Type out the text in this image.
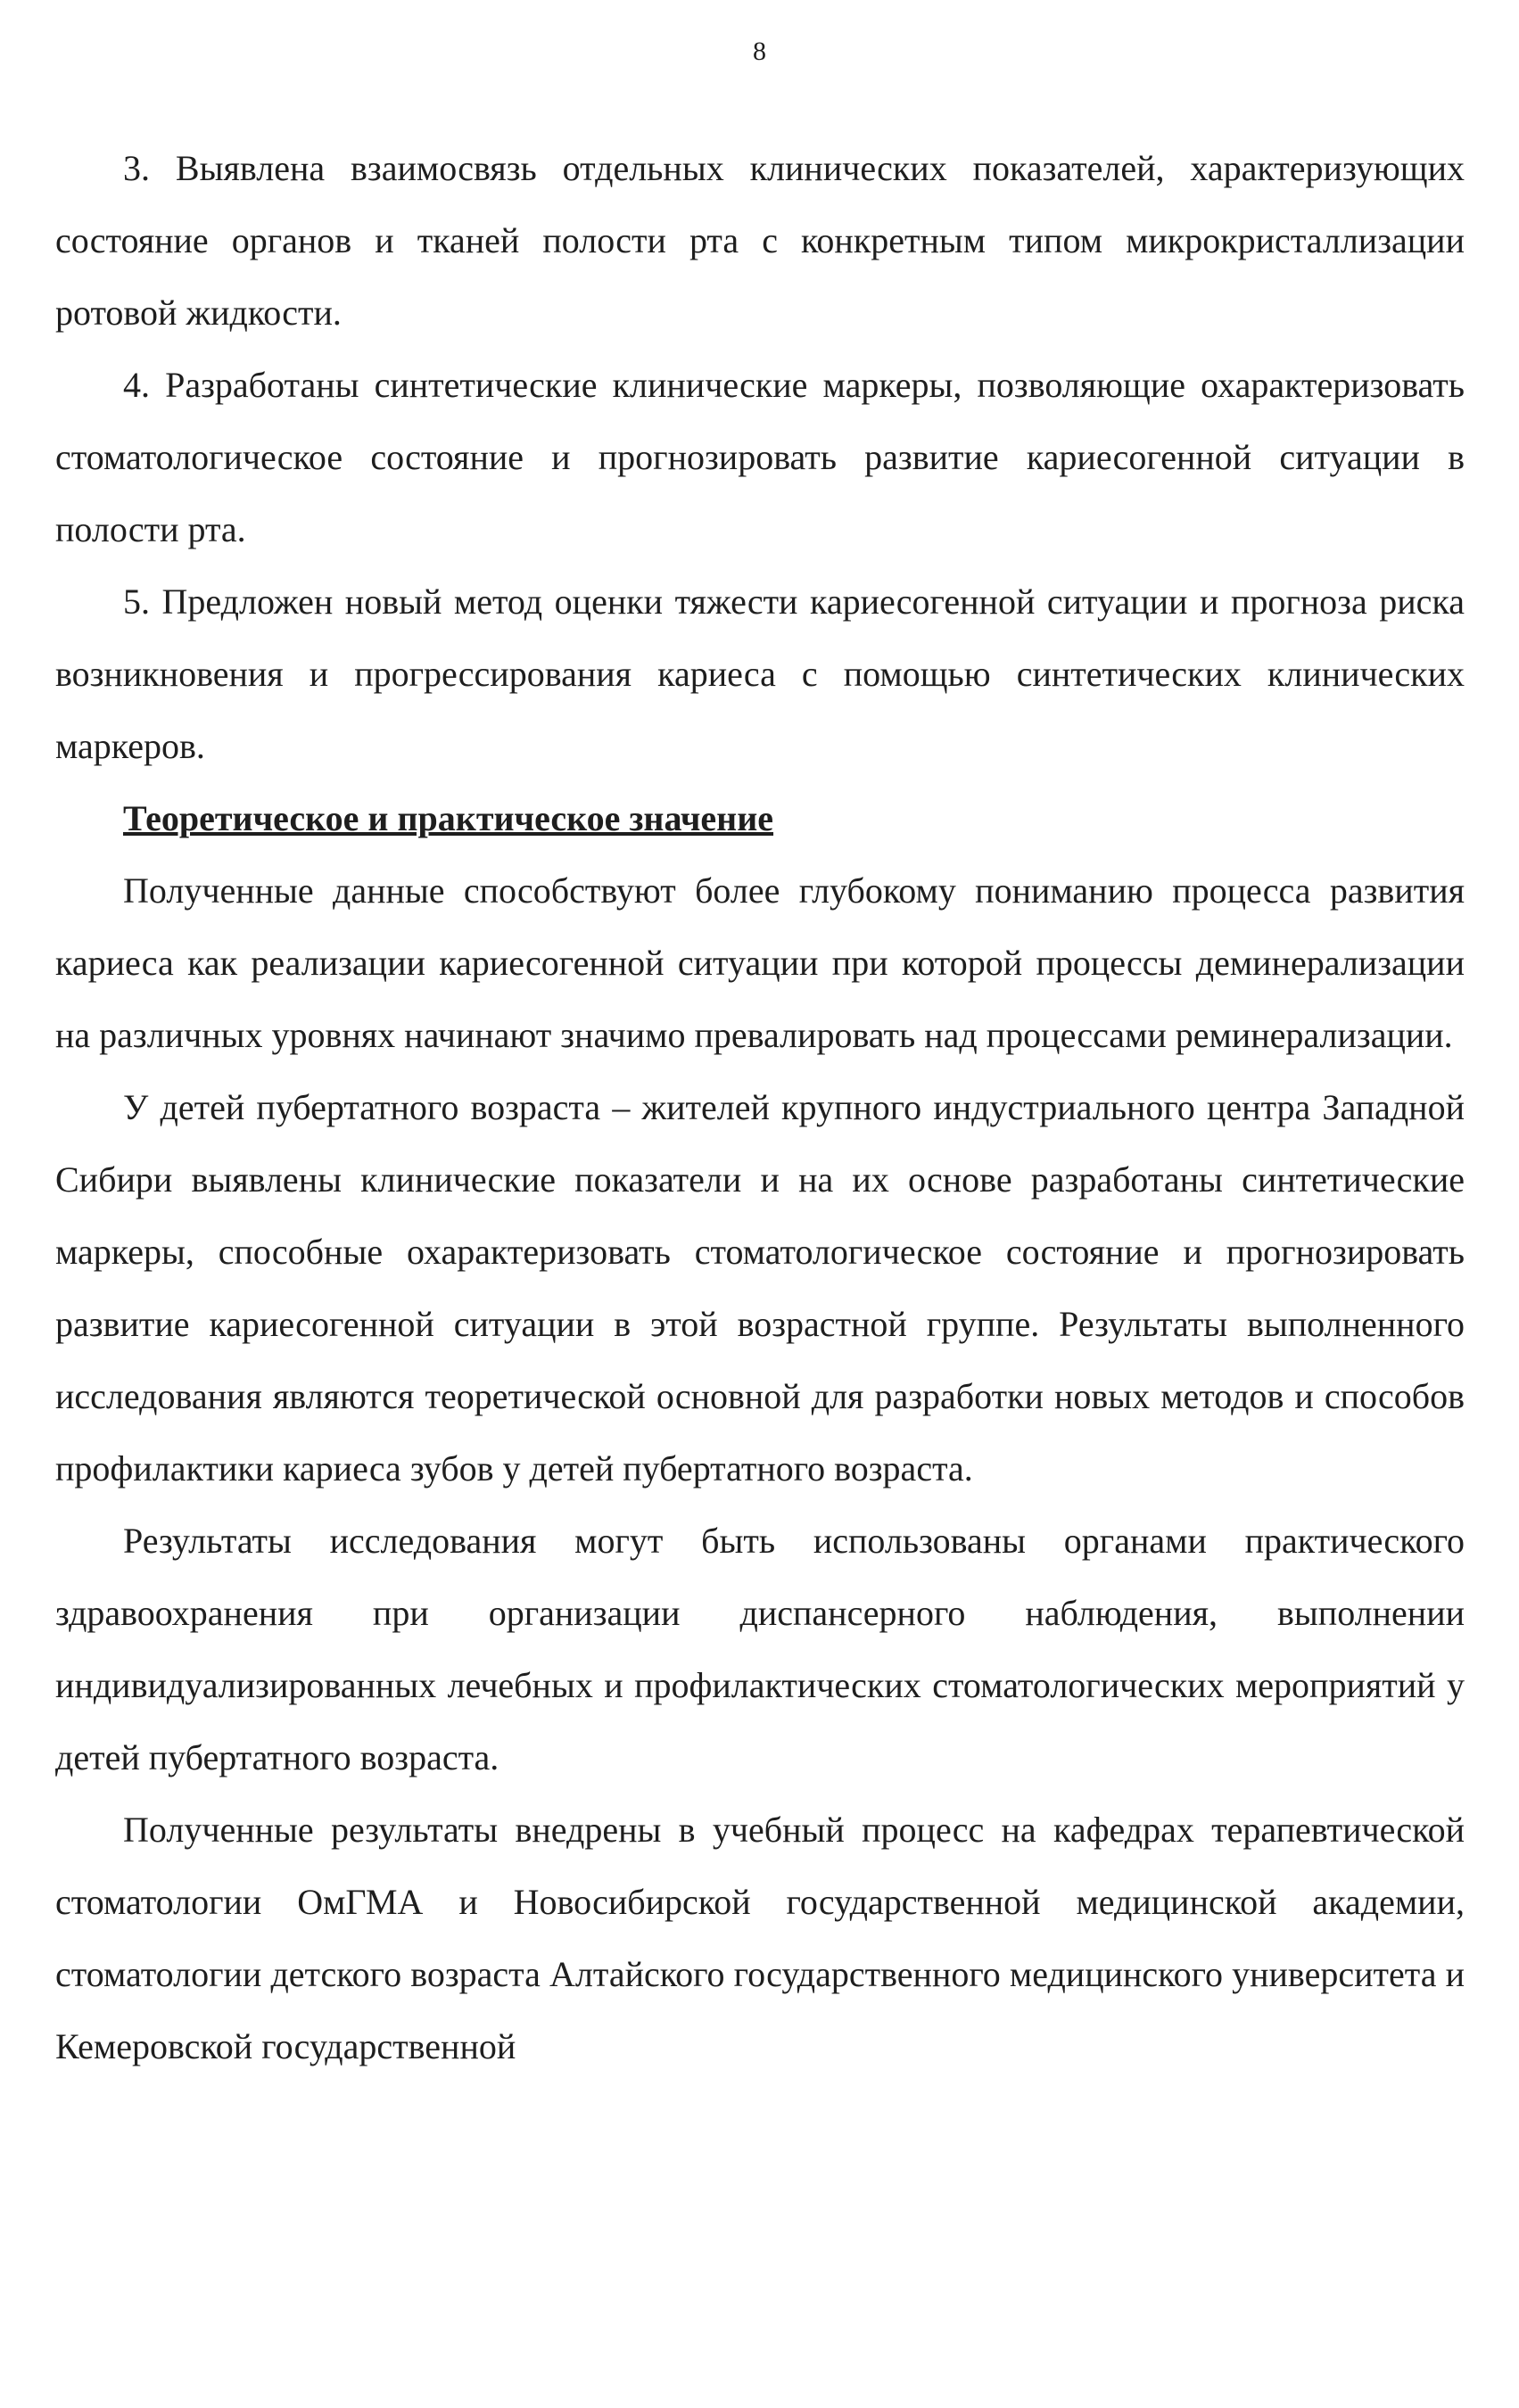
8

3. Выявлена взаимосвязь отдельных клинических показателей, характеризующих состояние органов и тканей полости рта с конкретным типом микрокристаллизации ротовой жидкости.

4. Разработаны синтетические клинические маркеры, позволяющие охарактеризовать стоматологическое состояние и прогнозировать развитие кариесогенной ситуации в полости рта.

5. Предложен новый метод оценки тяжести кариесогенной ситуации и прогноза риска возникновения и прогрессирования кариеса с помощью синтетических клинических маркеров.

Теоретическое и практическое значение

Полученные данные способствуют более глубокому пониманию процесса развития кариеса как реализации кариесогенной ситуации при которой процессы деминерализации на различных уровнях начинают значимо превалировать над процессами реминерализации.

У детей пубертатного возраста – жителей крупного индустриального центра Западной Сибири выявлены клинические показатели и на их основе разработаны синтетические маркеры, способные охарактеризовать стоматологическое состояние и прогнозировать развитие кариесогенной ситуации в этой возрастной группе. Результаты выполненного исследования являются теоретической основной для разработки новых методов и способов профилактики кариеса зубов у детей пубертатного возраста.

Результаты исследования могут быть использованы органами практического здравоохранения при организации диспансерного наблюдения, выполнении индивидуализированных лечебных и профилактических стоматологических мероприятий у детей пубертатного возраста.

Полученные результаты внедрены в учебный процесс на кафедрах терапевтической стоматологии ОмГМА и Новосибирской государственной медицинской академии, стоматологии детского возраста Алтайского государственного медицинского университета и Кемеровской государственной
